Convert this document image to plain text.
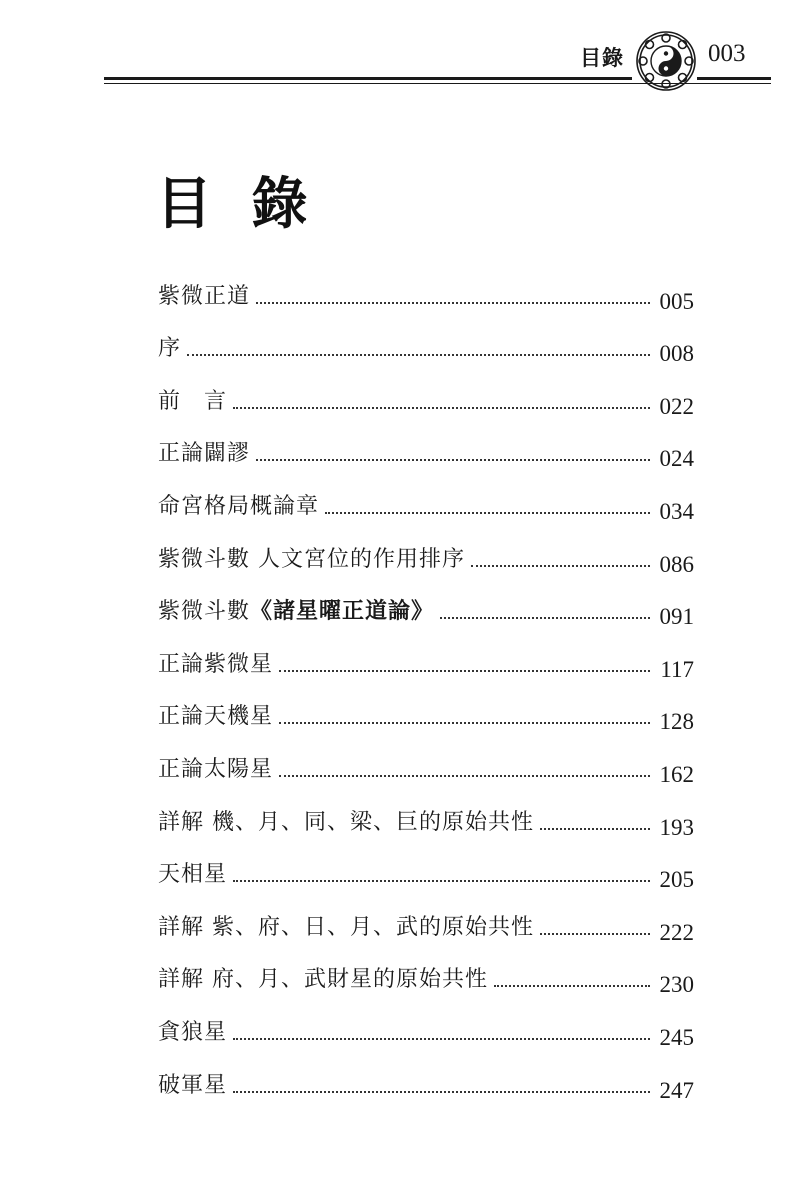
目錄	003
目 錄
紫微正道	005
序	008
前　言	022
正論闢謬	024
命宮格局概論章	034
紫微斗數 人文宮位的作用排序	086
紫微斗數 《諸星曜正道論》	091
正論紫微星	117
正論天機星	128
正論太陽星	162
詳解 機、月、同、梁、巨的原始共性	193
天相星	205
詳解 紫、府、日、月、武的原始共性	222
詳解 府、月、武財星的原始共性	230
貪狼星	245
破軍星	247
